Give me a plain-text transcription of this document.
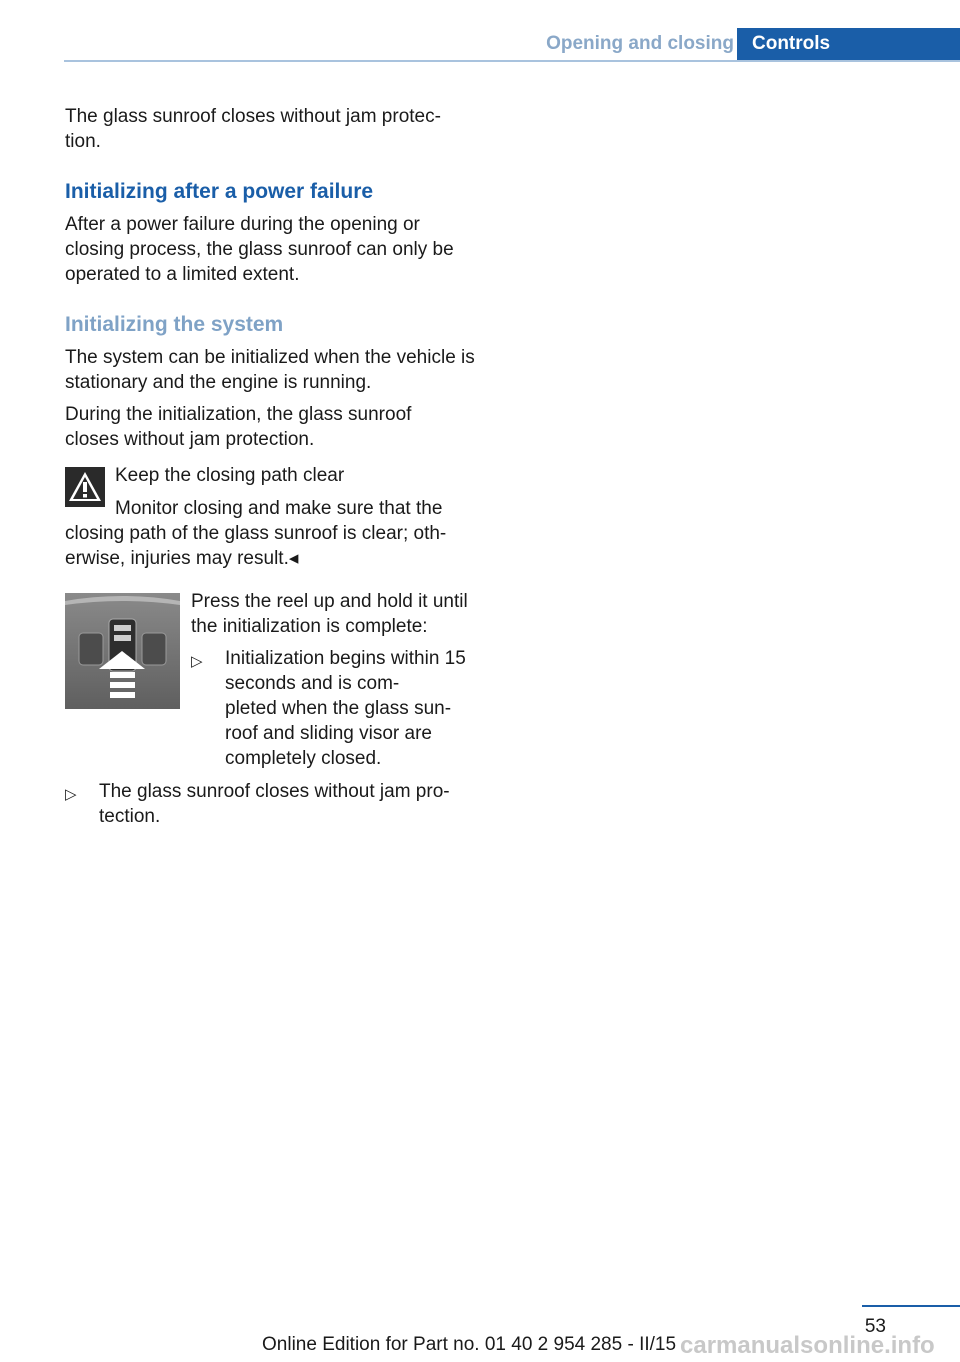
Opening and closing Controls

The glass sunroof closes without jam protec-
tion.

Initializing after a power failure

After a power failure during the opening or closing process, the glass sunroof can only be operated to a limited extent.

Initializing the system

The system can be initialized when the vehicle is stationary and the engine is running.

During the initialization, the glass sunroof closes without jam protection.

Keep the closing path clear

Monitor closing and make sure that the

closing path of the glass sunroof is clear; oth-
erwise, injuries may result.◂

Press the reel up and hold it until the initialization is complete:

▷ Initialization begins within 15 seconds and is com-
pleted when the glass sun-
roof and sliding visor are completely closed.

▷ The glass sunroof closes without jam pro-
tection.

53
Online Edition for Part no. 01 40 2 954 285 - II/15 carmanualsonline.info
